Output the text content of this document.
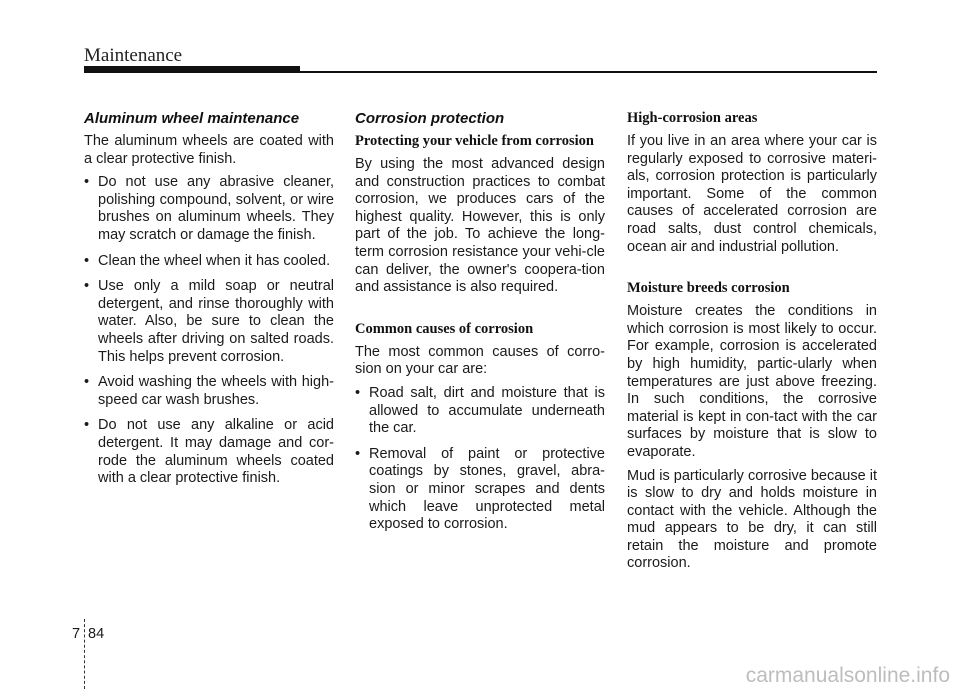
Maintenance
Aluminum wheel maintenance

The aluminum wheels are coated with a clear protective finish.

• Do not use any abrasive cleaner, polishing compound, solvent, or wire brushes on aluminum wheels. They may scratch or damage the finish.
• Clean the wheel when it has cooled.
• Use only a mild soap or neutral detergent, and rinse thoroughly with water. Also, be sure to clean the wheels after driving on salted roads. This helps prevent corrosion.
• Avoid washing the wheels with high-speed car wash brushes.
• Do not use any alkaline or acid detergent. It may damage and cor-rode the aluminum wheels coated with a clear protective finish.
Corrosion protection
Protecting your vehicle from corrosion

By using the most advanced design and construction practices to combat corrosion, we produces cars of the highest quality. However, this is only part of the job. To achieve the long-term corrosion resistance your vehi-cle can deliver, the owner's coopera-tion and assistance is also required.

Common causes of corrosion

The most common causes of corro-sion on your car are:

• Road salt, dirt and moisture that is allowed to accumulate underneath the car.
• Removal of paint or protective coatings by stones, gravel, abra-sion or minor scrapes and dents which leave unprotected metal exposed to corrosion.
High-corrosion areas

If you live in an area where your car is regularly exposed to corrosive materi-als, corrosion protection is particularly important. Some of the common causes of accelerated corrosion are road salts, dust control chemicals, ocean air and industrial pollution.

Moisture breeds corrosion

Moisture creates the conditions in which corrosion is most likely to occur. For example, corrosion is accelerated by high humidity, partic-ularly when temperatures are just above freezing. In such conditions, the corrosive material is kept in con-tact with the car surfaces by moisture that is slow to evaporate.

Mud is particularly corrosive because it is slow to dry and holds moisture in contact with the vehicle. Although the mud appears to be dry, it can still retain the moisture and promote corrosion.

7 84
carmanualsonline.info
